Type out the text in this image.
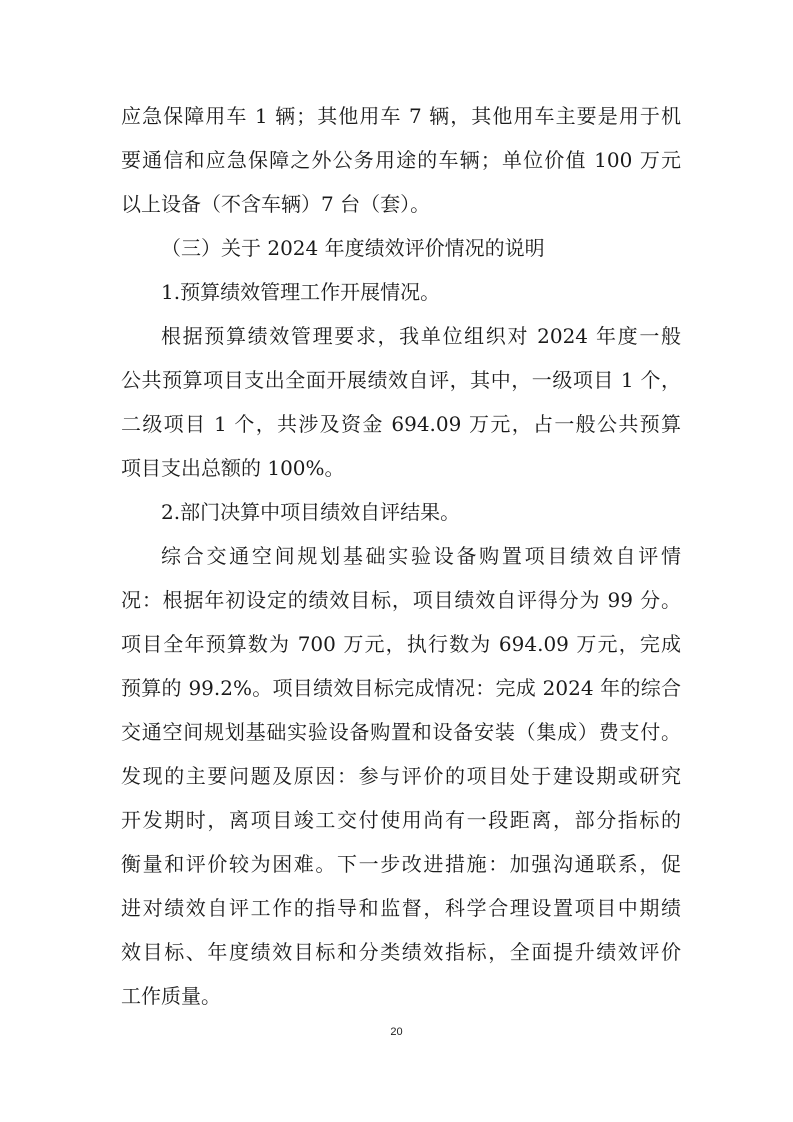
应急保障用车 1 辆；其他用车 7 辆，其他用车主要是用于机
要通信和应急保障之外公务用途的车辆；单位价值 100 万元
以上设备（不含车辆）7 台（套）。
（三）关于 2024 年度绩效评价情况的说明
1.预算绩效管理工作开展情况。
根据预算绩效管理要求，我单位组织对 2024 年度一般
公共预算项目支出全面开展绩效自评，其中，一级项目 1 个，
二级项目 1 个，共涉及资金 694.09 万元，占一般公共预算
项目支出总额的 100%。
2.部门决算中项目绩效自评结果。
综合交通空间规划基础实验设备购置项目绩效自评情
况：根据年初设定的绩效目标，项目绩效自评得分为 99 分。
项目全年预算数为 700 万元，执行数为 694.09 万元，完成
预算的 99.2%。项目绩效目标完成情况：完成 2024 年的综合
交通空间规划基础实验设备购置和设备安装（集成）费支付。
发现的主要问题及原因：参与评价的项目处于建设期或研究
开发期时，离项目竣工交付使用尚有一段距离，部分指标的
衡量和评价较为困难。下一步改进措施：加强沟通联系，促
进对绩效自评工作的指导和监督，科学合理设置项目中期绩
效目标、年度绩效目标和分类绩效指标，全面提升绩效评价
工作质量。
20
